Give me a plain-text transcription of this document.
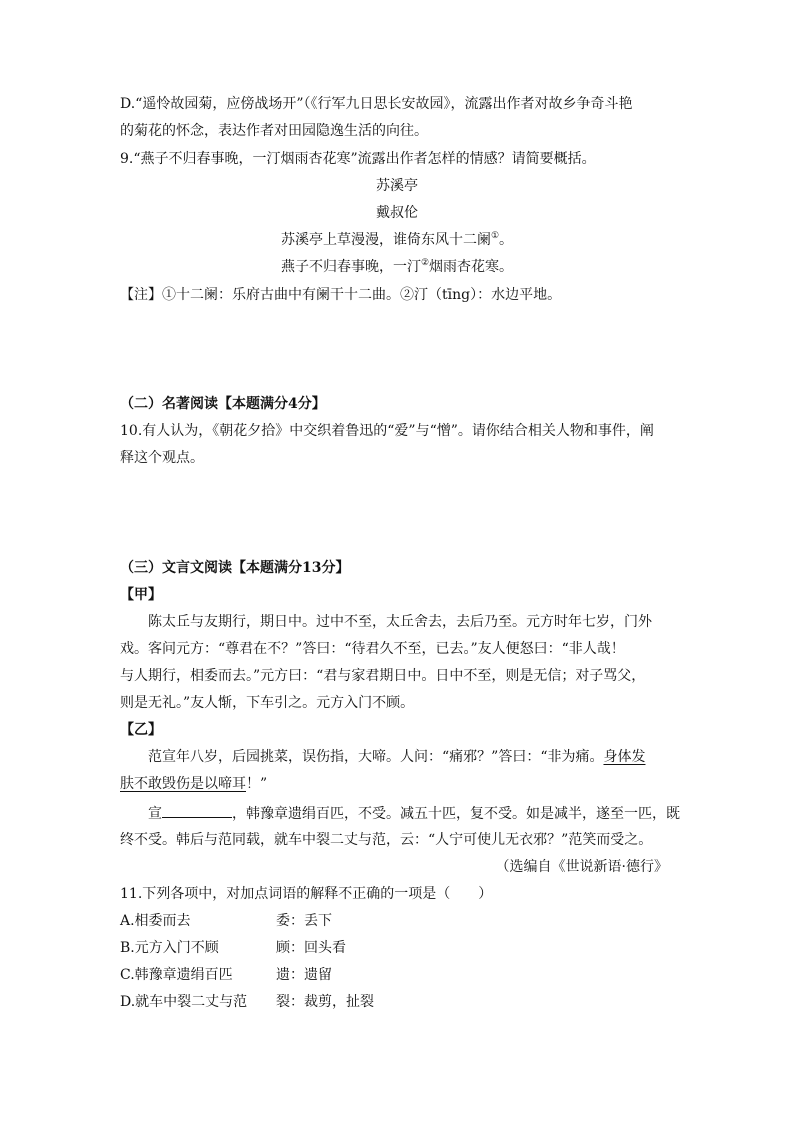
D.“遥怜故园菊，应傍战场开”（《行军九日思长安故园》，流露出作者对故乡争奇斗艳
的菊花的怀念，表达作者对田园隐逸生活的向往。
9.“燕子不归春事晚，一汀烟雨杏花寒”流露出作者怎样的情感？请简要概括。
苏溪亭
戴叔伦
苏溪亭上草漫漫，谁倚东风十二阑①。
燕子不归春事晚，一汀②烟雨杏花寒。
【注】①十二阑：乐府古曲中有阑干十二曲。②汀（tīng）：水边平地。
（二）名著阅读【本题满分4分】
10.有人认为，《朝花夕拾》中交织着鲁迅的“爱”与“憎”。请你结合相关人物和事件，阐
释这个观点。
（三）文言文阅读【本题满分13分】
【甲】
陈太丘与友期行，期日中。过中不至，太丘舍去，去后乃至。元方时年七岁，门外
戏。客问元方：“尊君在不？”答曰：“待君久不至，已去。”友人便怒曰：“非人哉！
与人期行，相委而去。”元方曰：“君与家君期日中。日中不至，则是无信；对子骂父，
则是无礼。”友人惭，下车引之。元方入门不顾。
【乙】
范宣年八岁，后园挑菜，误伤指，大啼。人问：“痛邪？”答曰：“非为痛。身体发
肤不敢毁伤是以啼耳！”
宣	，韩豫章遗绢百匹，不受。减五十匹，复不受。如是减半，遂至一匹，既
终不受。韩后与范同载，就车中裂二丈与范，云：“人宁可使儿无衣邪？”范笑而受之。
（选编自《世说新语·德行》
11.下列各项中，对加点词语的解释不正确的一项是（　　）
A.相委而去	委：丢下
B.元方入门不顾	顾：回头看
C.韩豫章遗绢百匹	遗：遗留
D.就车中裂二丈与范 裂：裁剪，扯裂
